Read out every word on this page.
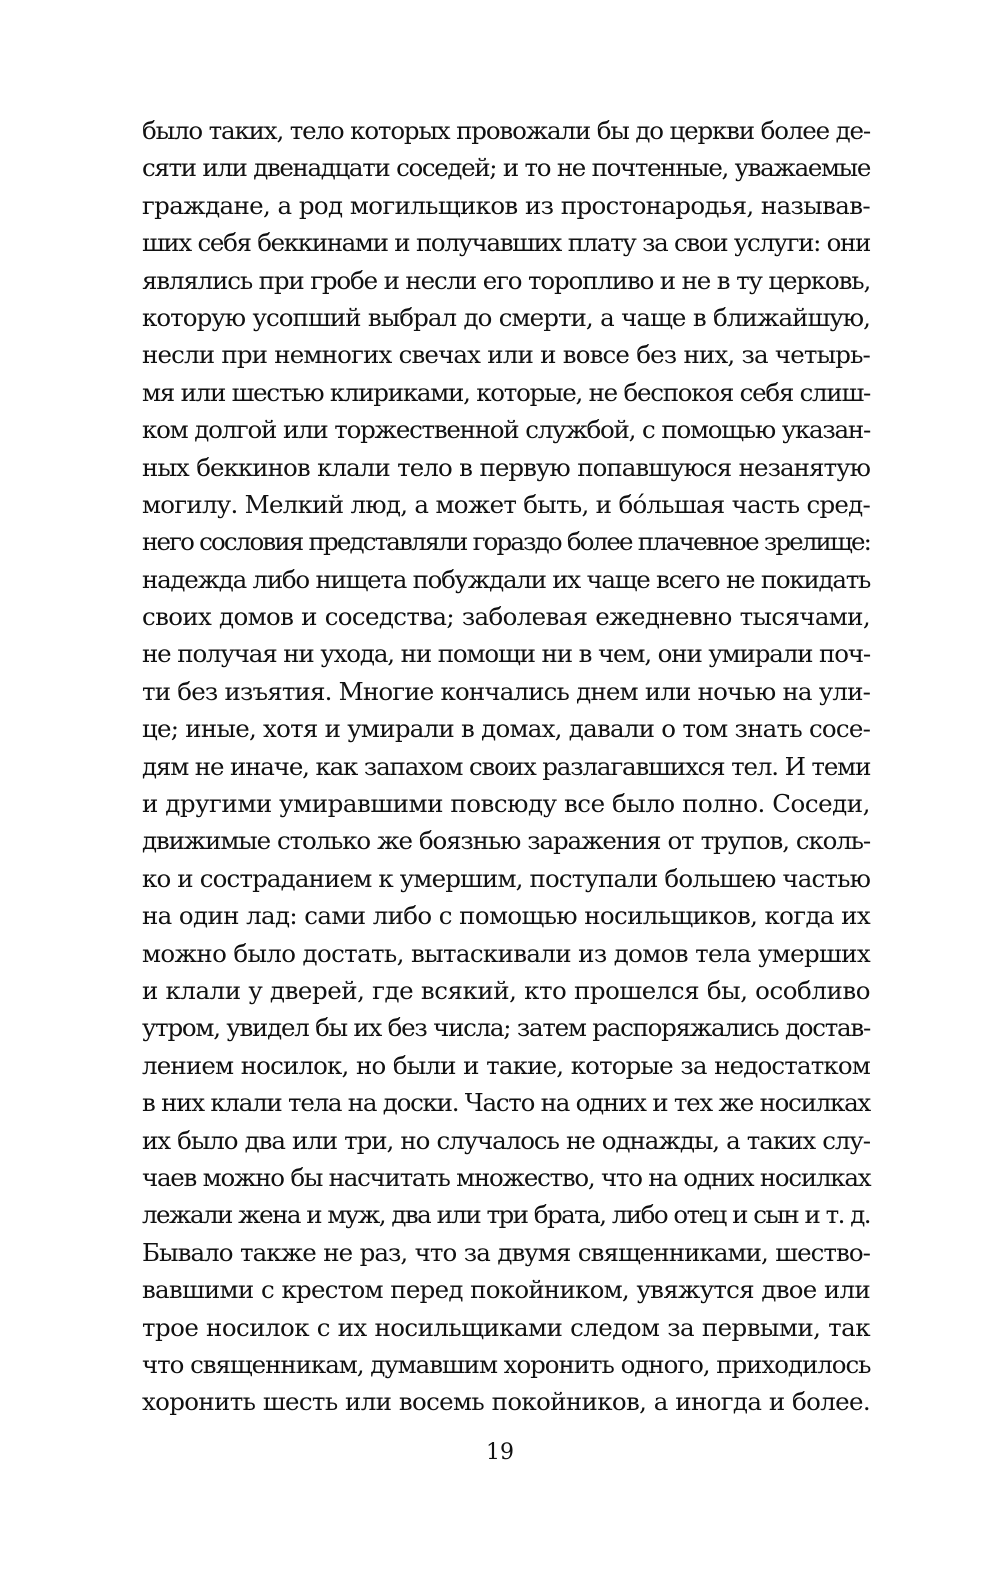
было таких, тело которых провожали бы до церкви более де-
сяти или двенадцати соседей; и то не почтенные, уважаемые
граждане, а род могильщиков из простонародья, называв-
ших себя беккинами и получавших плату за свои услуги: они
являлись при гробе и несли его торопливо и не в ту церковь,
которую усопший выбрал до смерти, а чаще в ближайшую,
несли при немногих свечах или и вовсе без них, за четырь-
мя или шестью клириками, которые, не беспокоя себя слиш-
ком долгой или торжественной службой, с помощью указан-
ных беккинов клали тело в первую попавшуюся незанятую
могилу. Мелкий люд, а может быть, и бóльшая часть сред-
него сословия представляли гораздо более плачевное зрелище:
надежда либо нищета побуждали их чаще всего не покидать
своих домов и соседства; заболевая ежедневно тысячами,
не получая ни ухода, ни помощи ни в чем, они умирали поч-
ти без изъятия. Многие кончались днем или ночью на ули-
це; иные, хотя и умирали в домах, давали о том знать сосе-
дям не иначе, как запахом своих разлагавшихся тел. И теми
и другими умиравшими повсюду все было полно. Соседи,
движимые столько же боязнью заражения от трупов, сколь-
ко и состраданием к умершим, поступали большею частью
на один лад: сами либо с помощью носильщиков, когда их
можно было достать, вытаскивали из домов тела умерших
и клали у дверей, где всякий, кто прошелся бы, особливо
утром, увидел бы их без числа; затем распоряжались достав-
лением носилок, но были и такие, которые за недостатком
в них клали тела на доски. Часто на одних и тех же носилках
их было два или три, но случалось не однажды, а таких слу-
чаев можно бы насчитать множество, что на одних носилках
лежали жена и муж, два или три брата, либо отец и сын и т. д.
Бывало также не раз, что за двумя священниками, шество-
вавшими с крестом перед покойником, увяжутся двое или
трое носилок с их носильщиками следом за первыми, так
что священникам, думавшим хоронить одного, приходилось
хоронить шесть или восемь покойников, а иногда и более.
19
